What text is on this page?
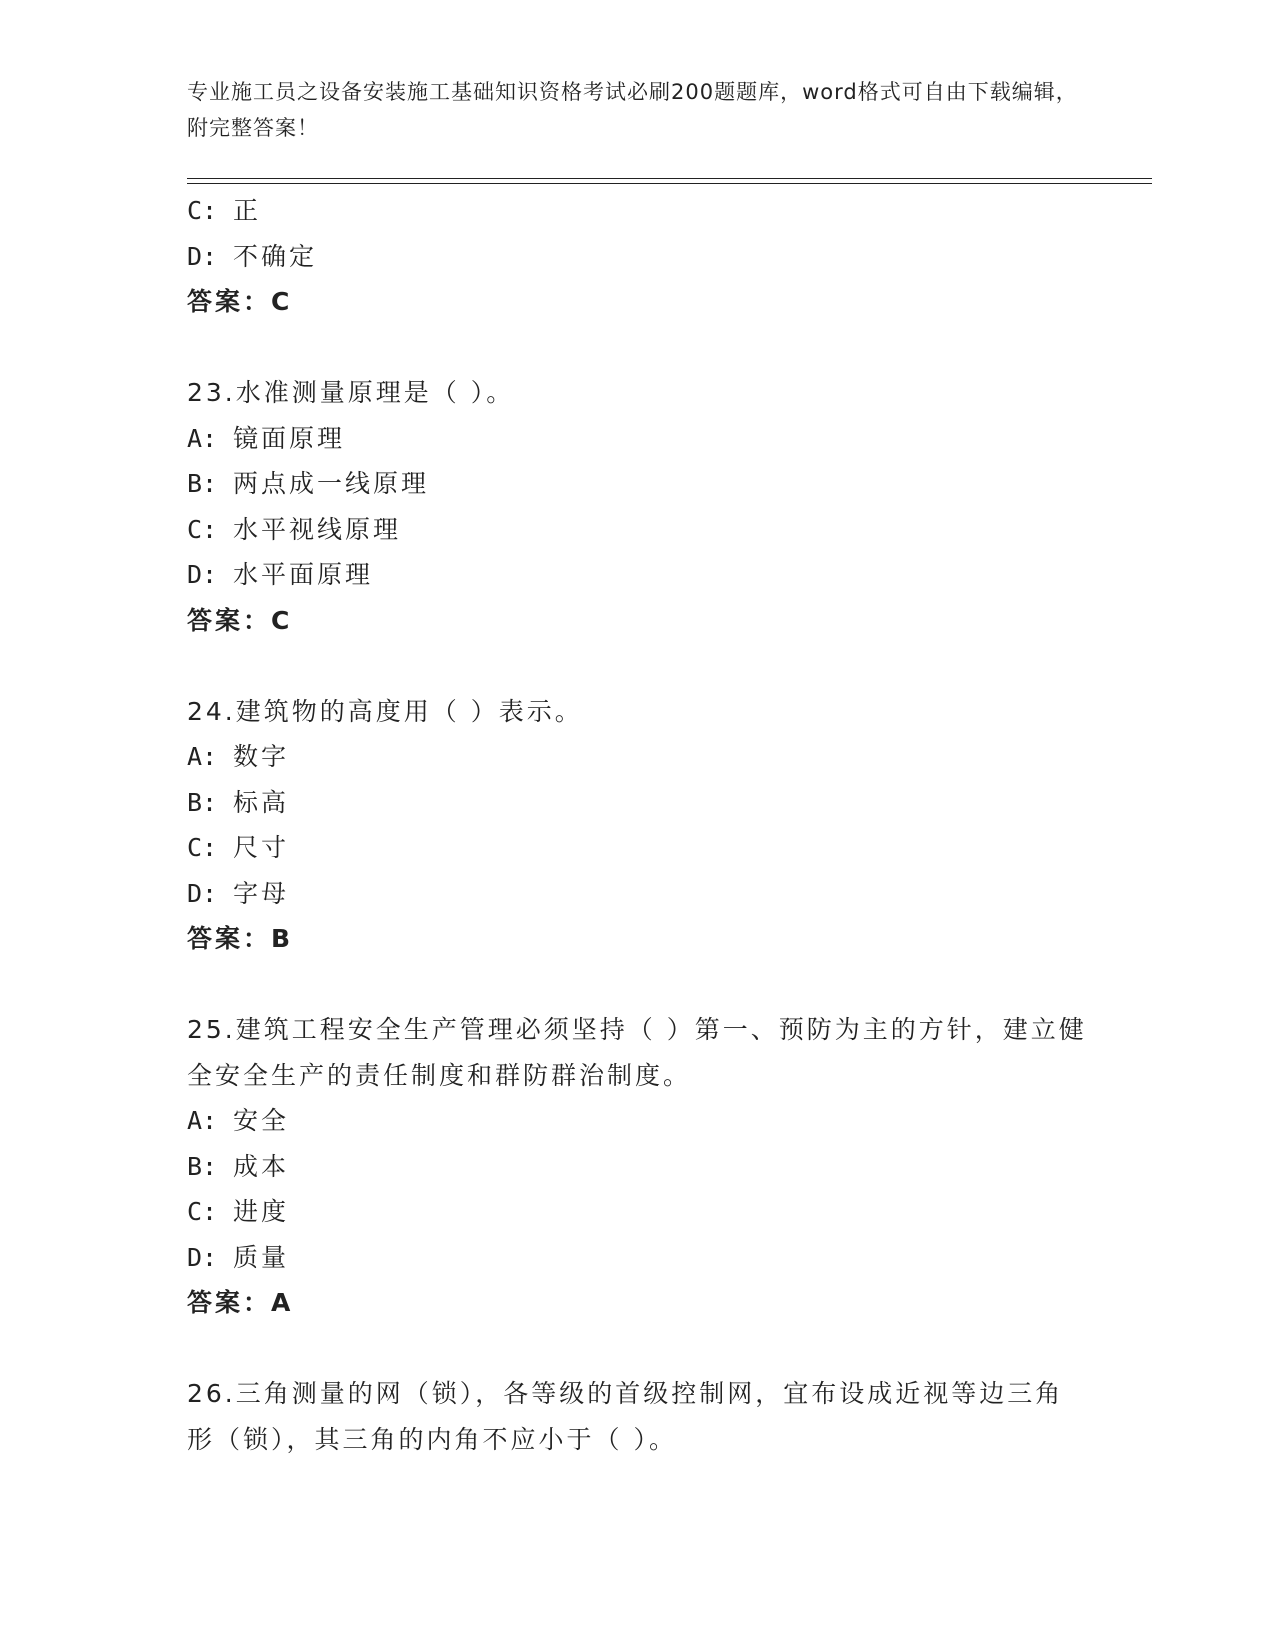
专业施工员之设备安装施工基础知识资格考试必刷200题题库，word格式可自由下载编辑，附完整答案！
C: 正
D: 不确定
答案：C
23.水准测量原理是（ ）。
A: 镜面原理
B: 两点成一线原理
C: 水平视线原理
D: 水平面原理
答案：C
24.建筑物的高度用（ ）表示。
A: 数字
B: 标高
C: 尺寸
D: 字母
答案：B
25.建筑工程安全生产管理必须坚持（ ）第一、预防为主的方针，建立健全安全生产的责任制度和群防群治制度。
A: 安全
B: 成本
C: 进度
D: 质量
答案：A
26.三角测量的网（锁），各等级的首级控制网，宜布设成近视等边三角形（锁），其三角的内角不应小于（ ）。
